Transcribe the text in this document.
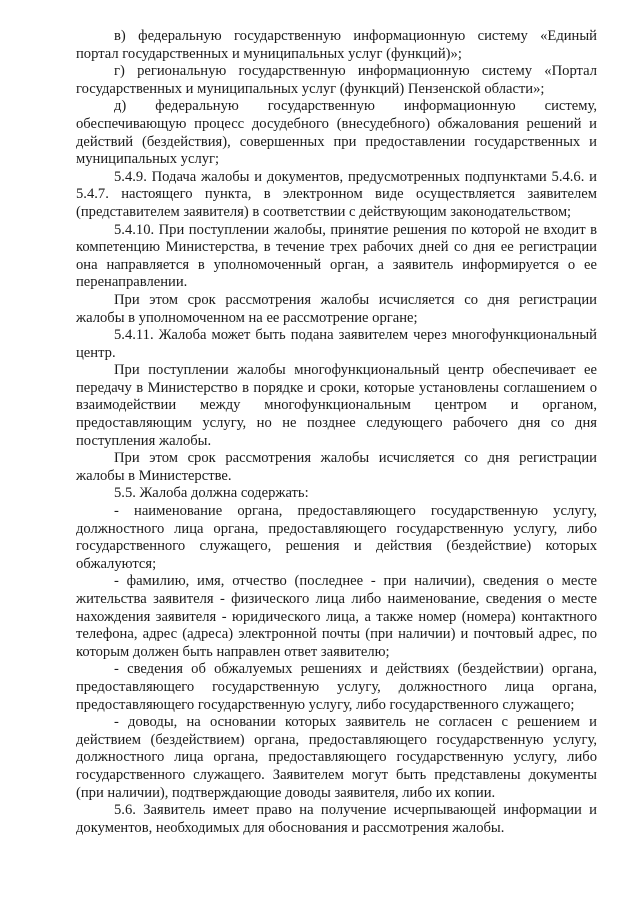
в) федеральную государственную информационную систему «Единый портал государственных и муниципальных услуг (функций)»;

г) региональную государственную информационную систему «Портал государственных и муниципальных услуг (функций) Пензенской области»;

д) федеральную государственную информационную систему, обеспечивающую процесс досудебного (внесудебного) обжалования решений и действий (бездействия), совершенных при предоставлении государственных и муниципальных услуг;

5.4.9. Подача жалобы и документов, предусмотренных подпунктами 5.4.6. и 5.4.7. настоящего пункта, в электронном виде осуществляется заявителем (представителем заявителя) в соответствии с действующим законодательством;

5.4.10. При поступлении жалобы, принятие решения по которой не входит в компетенцию Министерства, в течение трех рабочих дней со дня ее регистрации она направляется в уполномоченный орган, а заявитель информируется о ее перенаправлении.

При этом срок рассмотрения жалобы исчисляется со дня регистрации жалобы в уполномоченном на ее рассмотрение органе;

5.4.11. Жалоба может быть подана заявителем через многофункциональный центр.

При поступлении жалобы многофункциональный центр обеспечивает ее передачу в Министерство в порядке и сроки, которые установлены соглашением о взаимодействии между многофункциональным центром и органом, предоставляющим услугу, но не позднее следующего рабочего дня со дня поступления жалобы.

При этом срок рассмотрения жалобы исчисляется со дня регистрации жалобы в Министерстве.

5.5. Жалоба должна содержать:

- наименование органа, предоставляющего государственную услугу, должностного лица органа, предоставляющего государственную услугу, либо государственного служащего, решения и действия (бездействие) которых обжалуются;

- фамилию, имя, отчество (последнее - при наличии), сведения о месте жительства заявителя - физического лица либо наименование, сведения о месте нахождения заявителя - юридического лица, а также номер (номера) контактного телефона, адрес (адреса) электронной почты (при наличии) и почтовый адрес, по которым должен быть направлен ответ заявителю;

- сведения об обжалуемых решениях и действиях (бездействии) органа, предоставляющего государственную услугу, должностного лица органа, предоставляющего государственную услугу, либо государственного служащего;

- доводы, на основании которых заявитель не согласен с решением и действием (бездействием) органа, предоставляющего государственную услугу, должностного лица органа, предоставляющего государственную услугу, либо государственного служащего. Заявителем могут быть представлены документы (при наличии), подтверждающие доводы заявителя, либо их копии.

5.6. Заявитель имеет право на получение исчерпывающей информации и документов, необходимых для обоснования и рассмотрения жалобы.
